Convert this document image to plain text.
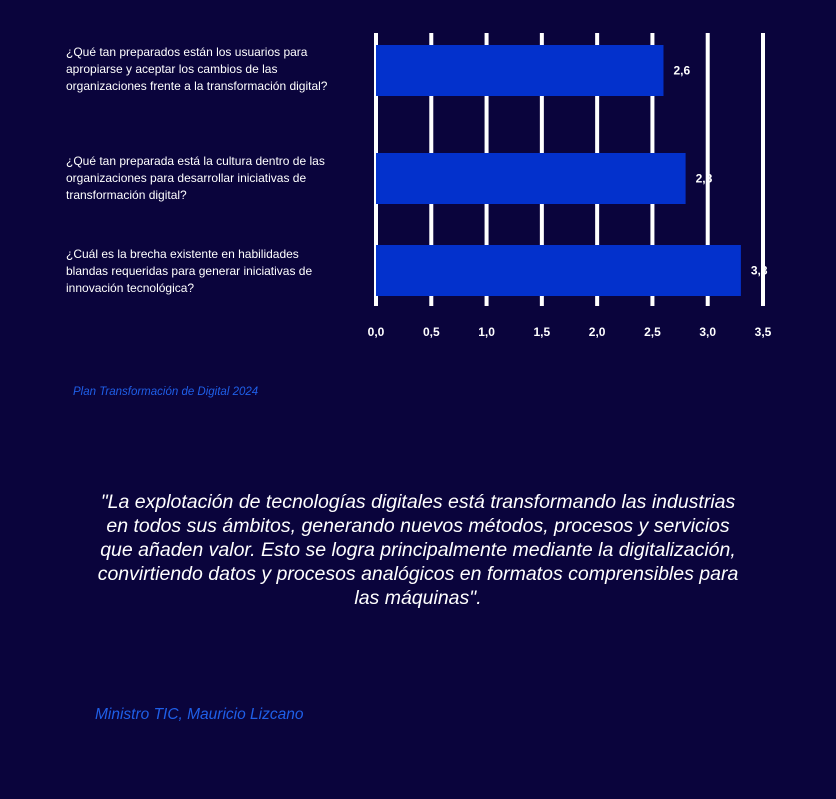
2,6
2,8
3,3
0,0	0,5	1,0	1,5	2,0	2,5	3,0	3,5
¿Qué tan preparados están los usuarios para apropiarse y aceptar los cambios de las organizaciones frente a la transformación digital?
¿Qué tan preparada está la cultura dentro de las organizaciones para desarrollar iniciativas de transformación digital?
¿Cuál es la brecha existente en habilidades blandas requeridas para generar iniciativas de innovación tecnológica?
Plan Transformación de Digital 2024
"La explotación de tecnologías digitales está transformando las industrias en todos sus ámbitos, generando nuevos métodos, procesos y servicios que añaden valor. Esto se logra principalmente mediante la digitalización, convirtiendo datos y procesos analógicos en formatos comprensibles para las máquinas".
Ministro TIC, Mauricio Lizcano
